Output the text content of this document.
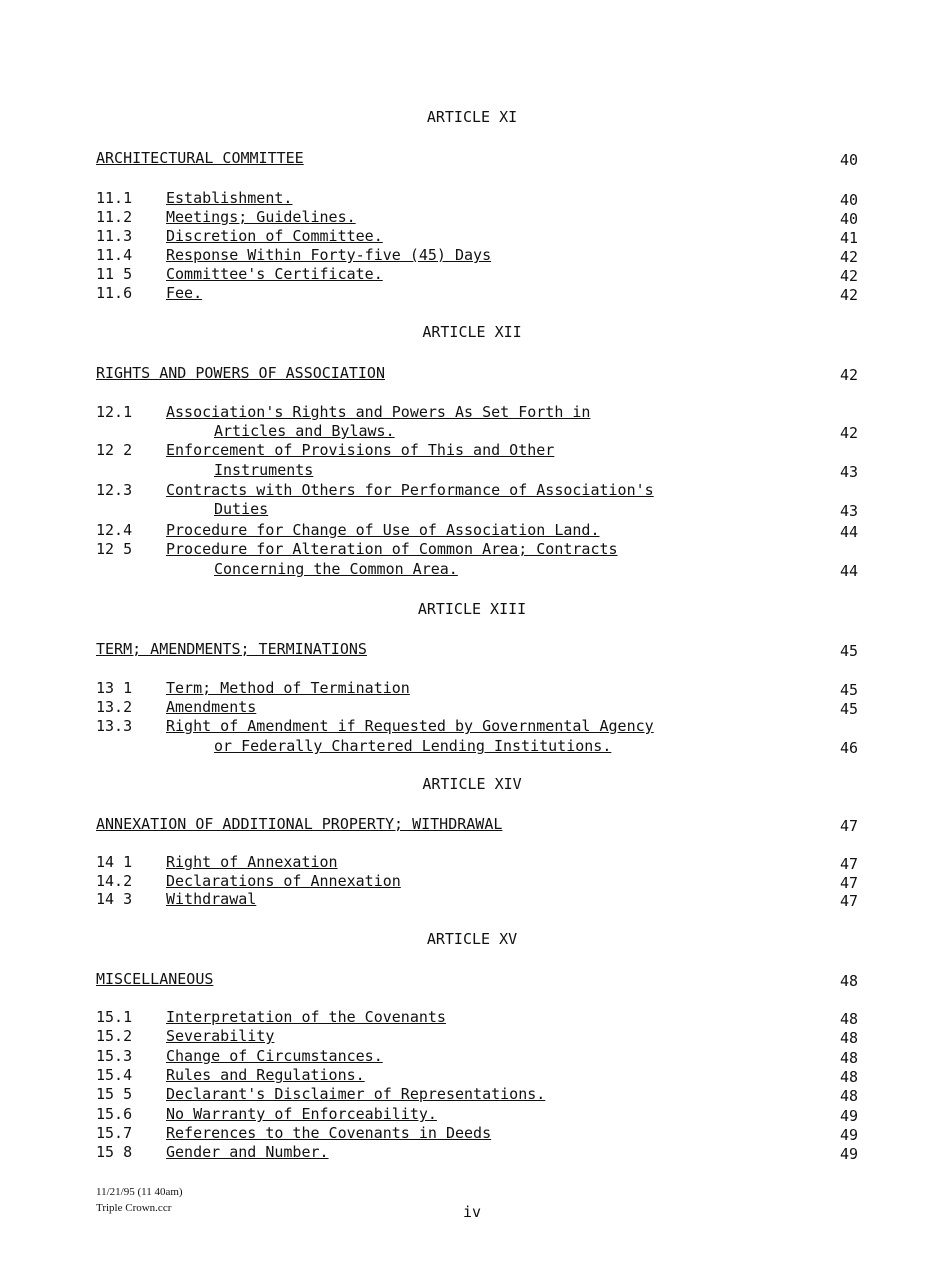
ARTICLE XI
ARCHITECTURAL COMMITTEE	40
11.1 Establishment.	40
11.2 Meetings; Guidelines.	40
11.3 Discretion of Committee.	41
11.4 Response Within Forty-five (45) Days	42
11 5 Committee's Certificate.	42
11.6 Fee.	42
ARTICLE XII
RIGHTS AND POWERS OF ASSOCIATION	42
12.1 Association's Rights and Powers As Set Forth in
Articles and Bylaws.	42
12 2 Enforcement of Provisions of This and Other
Instruments	43
12.3 Contracts with Others for Performance of Association's
Duties	43
12.4 Procedure for Change of Use of Association Land.	44
12 5 Procedure for Alteration of Common Area; Contracts
Concerning the Common Area.	44
ARTICLE XIII
TERM; AMENDMENTS; TERMINATIONS	45
13 1 Term; Method of Termination	45
13.2 Amendments	45
13.3 Right of Amendment if Requested by Governmental Agency
or Federally Chartered Lending Institutions.	46
ARTICLE XIV
ANNEXATION OF ADDITIONAL PROPERTY; WITHDRAWAL	47
14 1 Right of Annexation	47
14.2 Declarations of Annexation	47
14 3 Withdrawal	47
ARTICLE XV
MISCELLANEOUS	48
15.1 Interpretation of the Covenants	48
15.2 Severability	48
15.3 Change of Circumstances.	48
15.4 Rules and Regulations.	48
15 5 Declarant's Disclaimer of Representations.	48
15.6 No Warranty of Enforceability.	49
15.7 References to the Covenants in Deeds	49
15 8 Gender and Number.	49
11/21/95 (11 40am)
Triple Crown.ccr	iv
